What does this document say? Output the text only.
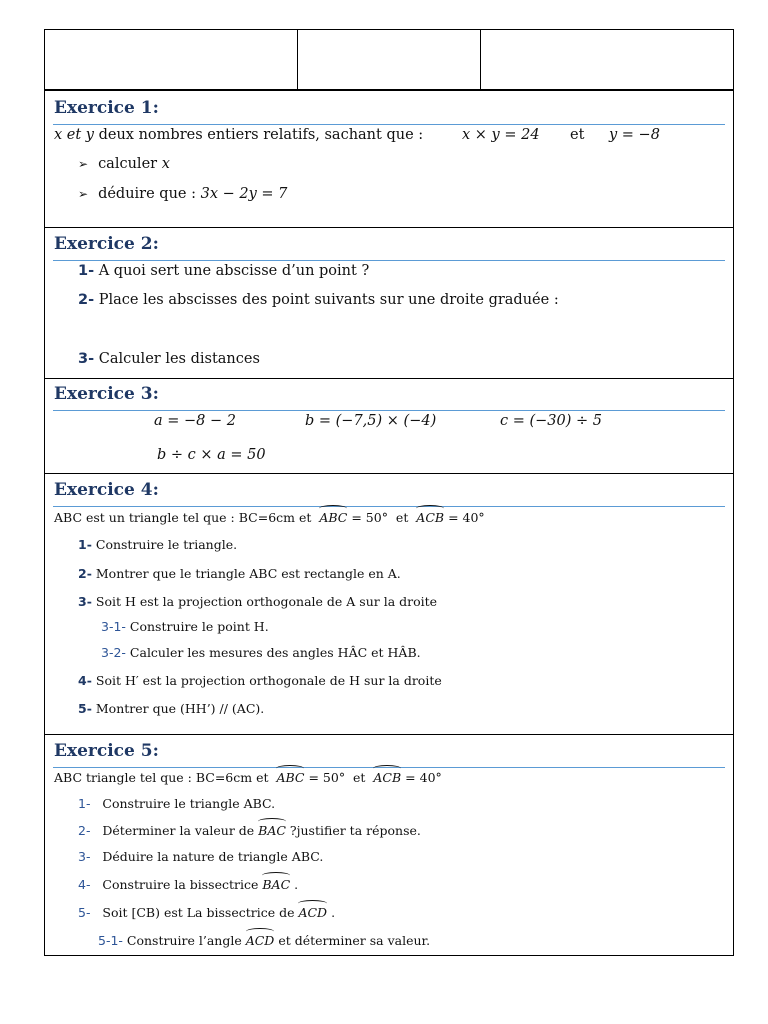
Exercice 1:
x et y deux nombres entiers relatifs, sachant que :	x × y = 24 et y = −8
➢ calculer x
➢ déduire que : 3x − 2y = 7
Exercice 2:
1- A quoi sert une abscisse d’un point ?
2- Place les abscisses des point suivants sur une droite graduée :
3- Calculer les distances
Exercice 3:
a = −8 − 2	b = (−7,5) × (−4)	c = (−30) ÷ 5
b ÷ c × a = 50
Exercice 4:
ABC est un triangle tel que : BC=6cm et ABC = 50° et ACB = 40°
1- Construire le triangle.
2- Montrer que le triangle ABC est rectangle en A.
3- Soit H est la projection orthogonale de A sur la droite
3-1- Construire le point H.
3-2- Calculer les mesures des angles HÂC et HÂB.
4- Soit H′ est la projection orthogonale de H sur la droite
5- Montrer que (HH’) // (AC).
Exercice 5:
ABC triangle tel que : BC=6cm et ABC = 50° et ACB = 40°
1- Construire le triangle ABC.
2- Déterminer la valeur de BAC ?justifier ta réponse.
3- Déduire la nature de triangle ABC.
4- Construire la bissectrice BAC .
5- Soit [CB) est La bissectrice de ACD .
5-1- Construire l’angle ACD et déterminer sa valeur.
